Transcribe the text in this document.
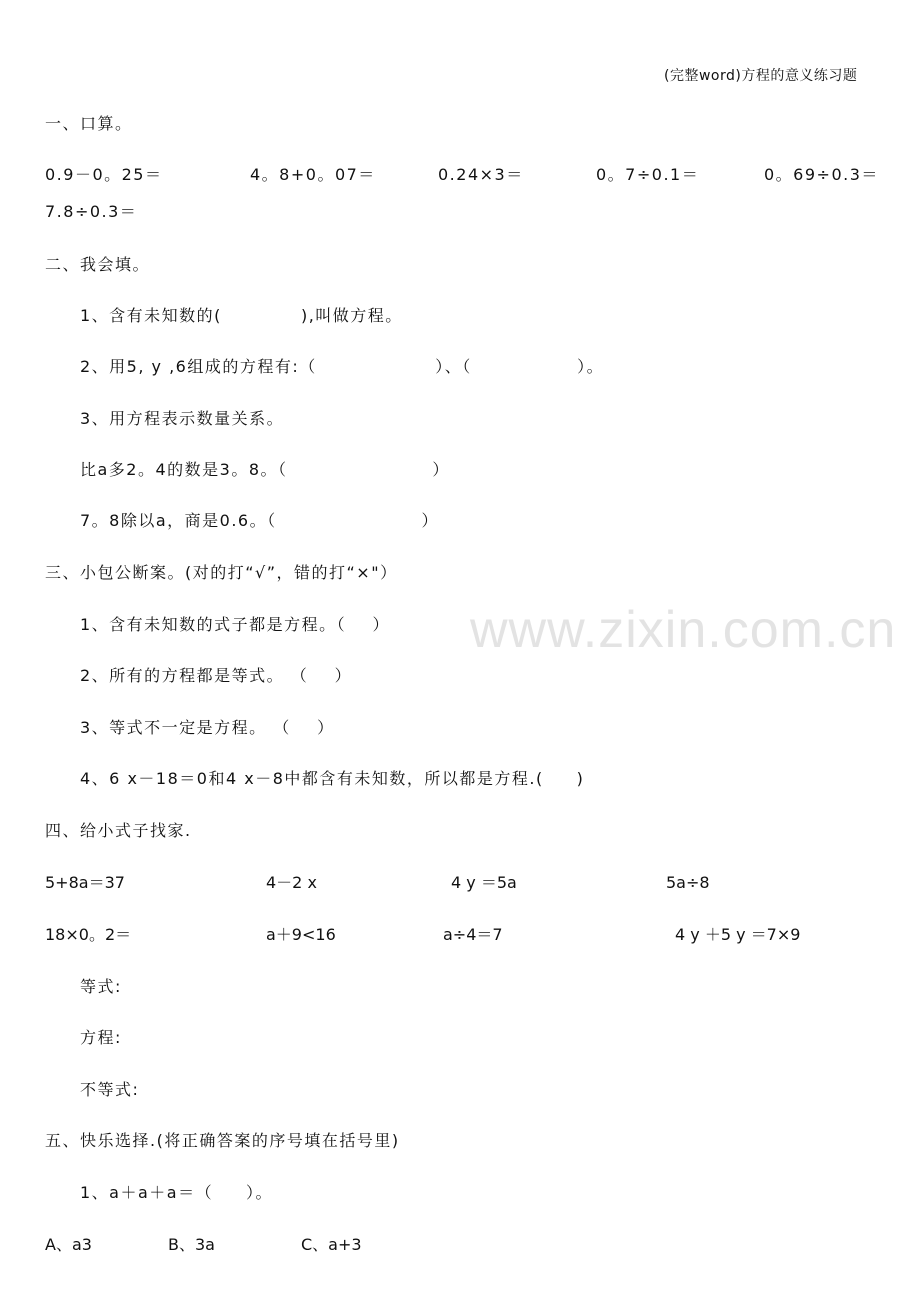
www.zixin.com.cn
(完整word)方程的意义练习题
一、口算。
0.9－0。25＝	4。8+0。07＝	0.24×3＝	0。7÷0.1＝	0。69÷0.3＝
7.8÷0.3＝
二、我会填。
1、含有未知数的(            ),叫做方程。
2、用5, y ,6组成的方程有:（                  ）、（                ）。
3、用方程表示数量关系。
比a多2。4的数是3。8。（                      ）
7。8除以a，商是0.6。（                      ）
三、小包公断案。(对的打“√”，错的打“×"）
1、含有未知数的式子都是方程。（    ）
2、所有的方程都是等式。 （    ）
3、等式不一定是方程。 （    ）
4、6 x－18＝0和4 x－8中都含有未知数，所以都是方程.(     )
四、给小式子找家.
5+8a＝37	4－2 x	4 y ＝5a	5a÷8
18×0。2＝	a＋9<16	a÷4＝7	4 y ＋5 y ＝7×9
等式:
方程:
不等式:
五、快乐选择.(将正确答案的序号填在括号里)
1、a＋a＋a＝（     ）。
A、a3	B、3a	C、a+3
